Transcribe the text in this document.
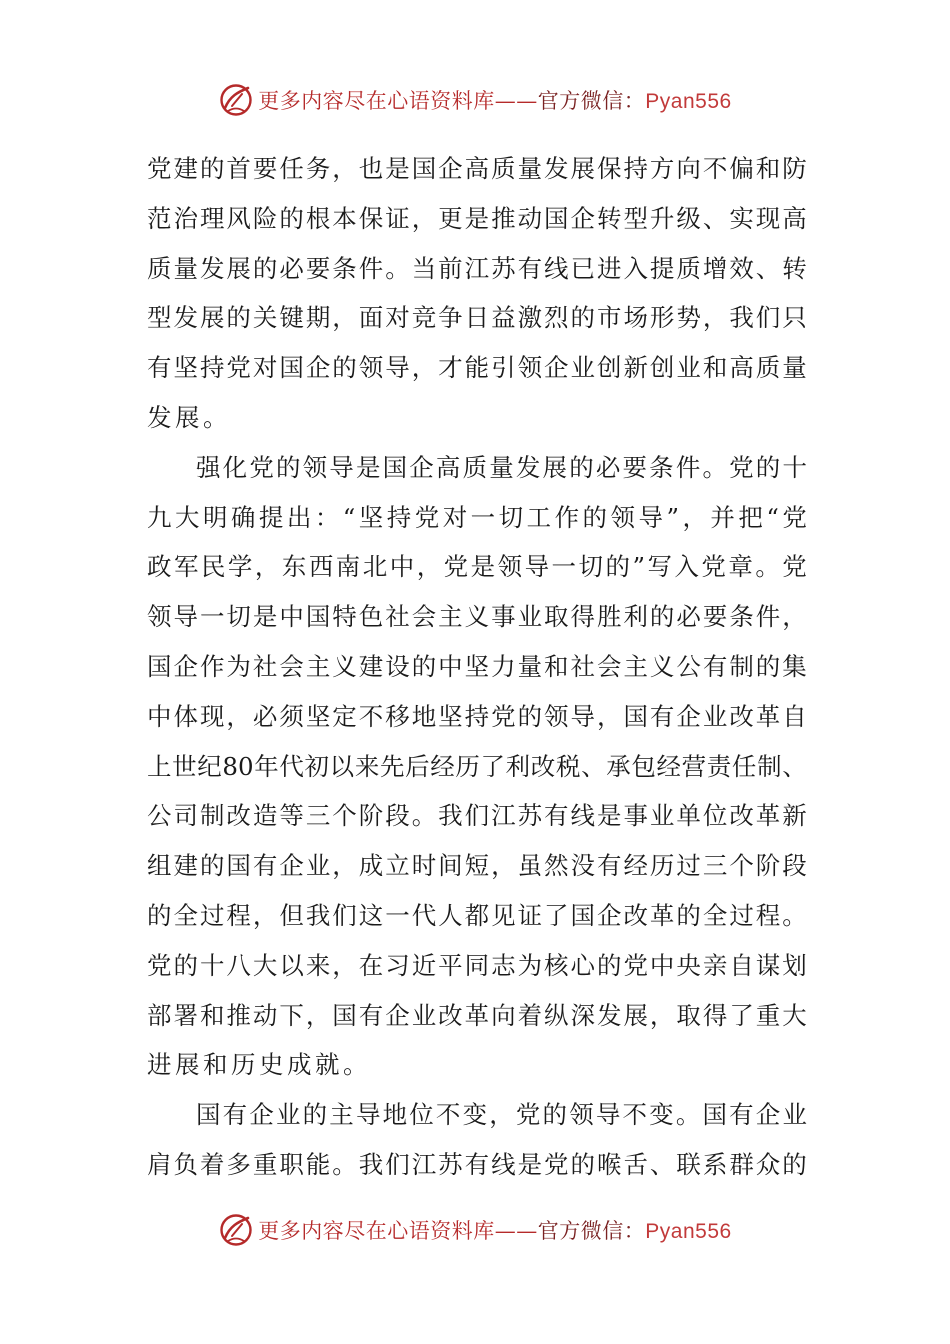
更多内容尽在心语资料库——官方微信：Pyan556
党 建 的 首 要 任 务 ， 也 是 国 企 高 质 量 发 展 保 持 方 向 不 偏 和 防
范 治 理 风 险 的 根 本 保 证 ， 更 是 推 动 国 企 转 型 升 级 、 实 现 高
质 量 发 展 的 必 要 条 件 。 当 前 江 苏 有 线 已 进 入 提 质 增 效 、 转
型 发 展 的 关 键 期 ， 面 对 竞 争 日 益 激 烈 的 市 场 形 势 ， 我 们 只
有 坚 持 党 对 国 企 的 领 导 ， 才 能 引 领 企 业 创 新 创 业 和 高 质 量
发展。
强 化 党 的 领 导 是 国 企 高 质 量 发 展 的 必 要 条 件 。 党 的 十
九 大 明 确 提 出 ： “ 坚 持 党 对 一 切 工 作 的 领 导 ” ， 并 把 “ 党
政 军 民 学 ， 东 西 南 北 中 ， 党 是 领 导 一 切 的 ” 写 入 党 章 。 党
领 导 一 切 是 中 国 特 色 社 会 主 义 事 业 取 得 胜 利 的 必 要 条 件 ，
国 企 作 为 社 会 主 义 建 设 的 中 坚 力 量 和 社 会 主 义 公 有 制 的 集
中 体 现 ， 必 须 坚 定 不 移 地 坚 持 党 的 领 导 ， 国 有 企 业 改 革 自
上 世 纪 80 年 代 初 以 来 先 后 经 历 了 利 改 税 、 承 包 经 营 责 任 制 、
公 司 制 改 造 等 三 个 阶 段 。 我 们 江 苏 有 线 是 事 业 单 位 改 革 新
组 建 的 国 有 企 业 ， 成 立 时 间 短 ， 虽 然 没 有 经 历 过 三 个 阶 段
的 全 过 程 ， 但 我 们 这 一 代 人 都 见 证 了 国 企 改 革 的 全 过 程 。
党 的 十 八 大 以 来 ， 在 习 近 平 同 志 为 核 心 的 党 中 央 亲 自 谋 划
部 署 和 推 动 下 ， 国 有 企 业 改 革 向 着 纵 深 发 展 ， 取 得 了 重 大
进展和历史成就。
国 有 企 业 的 主 导 地 位 不 变 ， 党 的 领 导 不 变 。 国 有 企 业
肩 负 着 多 重 职 能 。 我 们 江 苏 有 线 是 党 的 喉 舌 、 联 系 群 众 的
更多内容尽在心语资料库——官方微信：Pyan556
